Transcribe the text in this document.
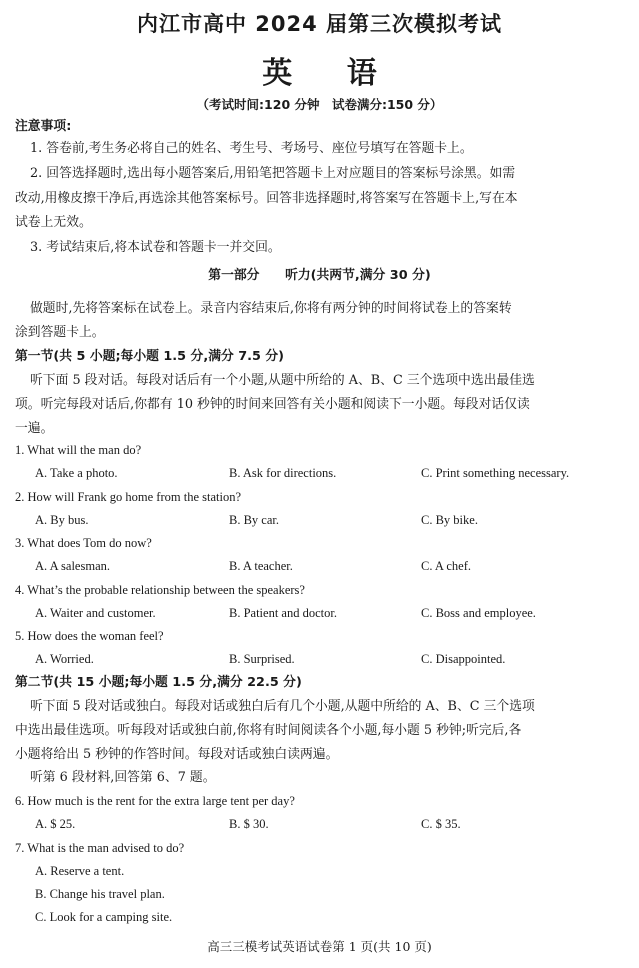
内江市高中 2024 届第三次模拟考试
英 语
（考试时间:120 分钟　试卷满分:150 分）
注意事项:
1. 答卷前,考生务必将自己的姓名、考生号、考场号、座位号填写在答题卡上。
2. 回答选择题时,选出每小题答案后,用铅笔把答题卡上对应题目的答案标号涂黑。如需
改动,用橡皮擦干净后,再选涂其他答案标号。回答非选择题时,将答案写在答题卡上,写在本
试卷上无效。
3. 考试结束后,将本试卷和答题卡一并交回。
第一部分　　听力(共两节,满分 30 分)
做题时,先将答案标在试卷上。录音内容结束后,你将有两分钟的时间将试卷上的答案转
涂到答题卡上。
第一节(共 5 小题;每小题 1.5 分,满分 7.5 分)
听下面 5 段对话。每段对话后有一个小题,从题中所给的 A、B、C 三个选项中选出最佳选
项。听完每段对话后,你都有 10 秒钟的时间来回答有关小题和阅读下一小题。每段对话仅读
一遍。
1. What will the man do?
A. Take a photo.	B. Ask for directions.	C. Print something necessary.
2. How will Frank go home from the station?
A. By bus.	B. By car.	C. By bike.
3. What does Tom do now?
A. A salesman.	B. A teacher.	C. A chef.
4. What’s the probable relationship between the speakers?
A. Waiter and customer.	B. Patient and doctor.	C. Boss and employee.
5. How does the woman feel?
A. Worried.	B. Surprised.	C. Disappointed.
第二节(共 15 小题;每小题 1.5 分,满分 22.5 分)
听下面 5 段对话或独白。每段对话或独白后有几个小题,从题中所给的 A、B、C 三个选项
中选出最佳选项。听每段对话或独白前,你将有时间阅读各个小题,每小题 5 秒钟;听完后,各
小题将给出 5 秒钟的作答时间。每段对话或独白读两遍。
听第 6 段材料,回答第 6、7 题。
6. How much is the rent for the extra large tent per day?
A. $ 25.	B. $ 30.	C. $ 35.
7. What is the man advised to do?
A. Reserve a tent.
B. Change his travel plan.
C. Look for a camping site.
高三三模考试英语试卷第 1 页(共 10 页)
